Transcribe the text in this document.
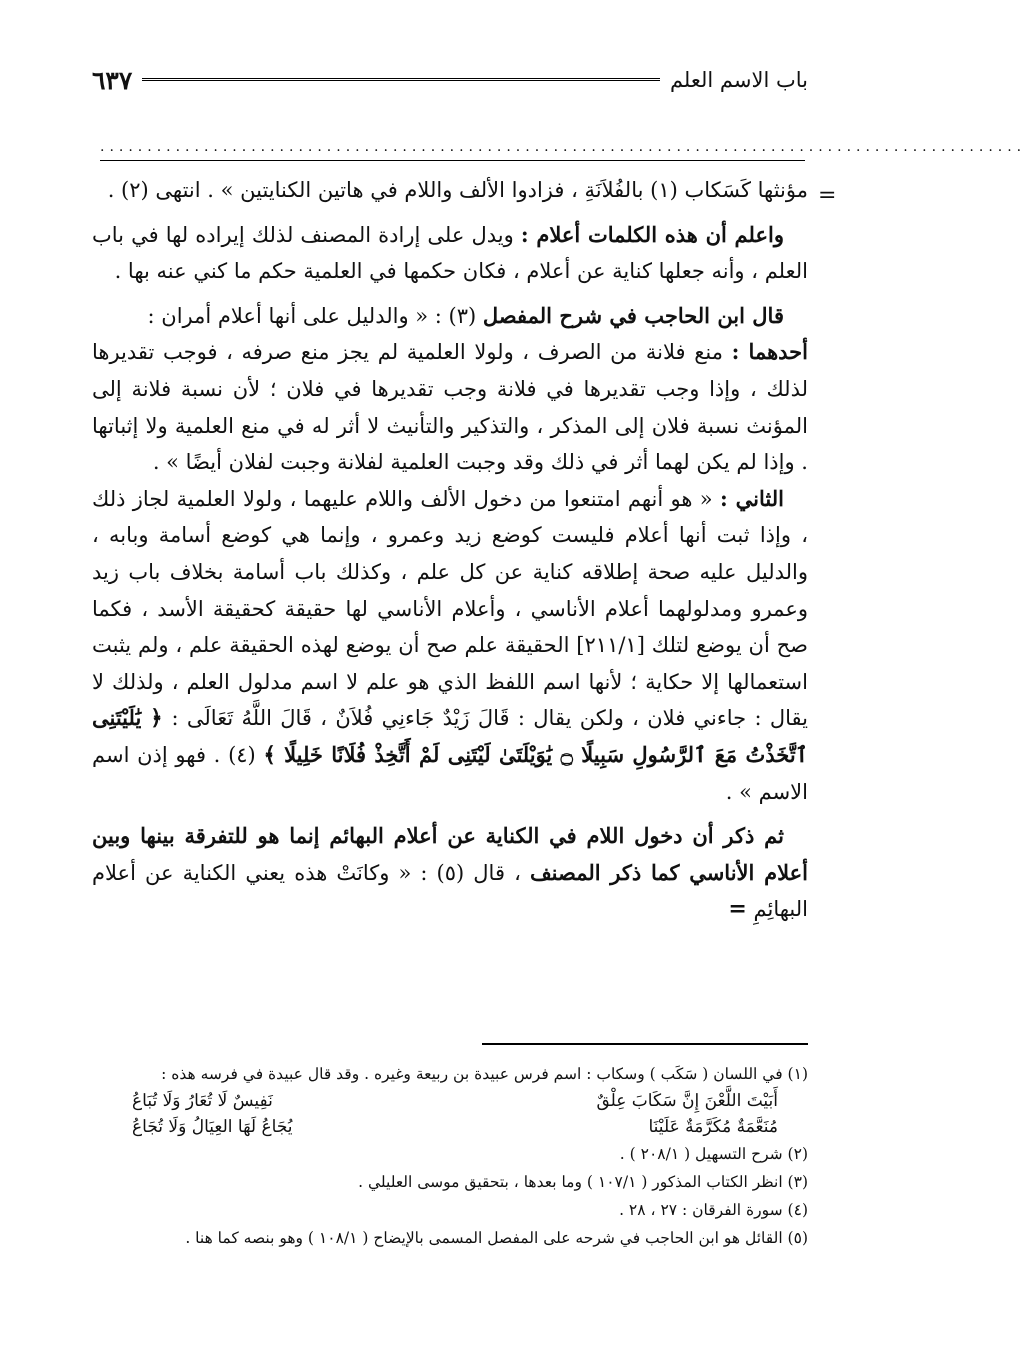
باب الاسم العلم
٦٣٧
..................................................................................................
=

مؤنثها كَسَكاب (١) بالفُلاَنَةِ ، فزادوا الألف واللام في هاتين الكنايتين » . انتهى (٢) .

واعلم أن هذه الكلمات أعلام : ويدل على إرادة المصنف لذلك إيراده لها في باب العلم ، وأنه جعلها كناية عن أعلام ، فكان حكمها في العلمية حكم ما كني عنه بها .

قال ابن الحاجب في شرح المفصل (٣) : « والدليل على أنها أعلام أمران :

أحدهما : منع فلانة من الصرف ، ولولا العلمية لم يجز منع صرفه ، فوجب تقديرها لذلك ، وإذا وجب تقديرها في فلانة وجب تقديرها في فلان ؛ لأن نسبة فلانة إلى المؤنث نسبة فلان إلى المذكر ، والتذكير والتأنيث لا أثر له في منع العلمية ولا إثباتها . وإذا لم يكن لهما أثر في ذلك وقد وجبت العلمية لفلانة وجبت لفلان أيضًا » .

الثاني : « هو أنهم امتنعوا من دخول الألف واللام عليهما ، ولولا العلمية لجاز ذلك ، وإذا ثبت أنها أعلام فليست كوضع زيد وعمرو ، وإنما هي كوضع أسامة وبابه ، والدليل عليه صحة إطلاقه كناية عن كل علم ، وكذلك باب أسامة بخلاف باب زيد وعمرو ومدلولهما أعلام الأناسي ، وأعلام الأناسي لها حقيقة كحقيقة الأسد ، فكما صح أن يوضع لتلك [٢١١/١] الحقيقة علم صح أن يوضع لهذه الحقيقة علم ، ولم يثبت استعمالها إلا حكاية ؛ لأنها اسم اللفظ الذي هو علم لا اسم مدلول العلم ، ولذلك لا يقال : جاءني فلان ، ولكن يقال : قَالَ زَيْدٌ جَاءنِي فُلاَنٌ ، قَالَ اللَّهُ تَعَالَى : ﴿ يَٰلَيْتَنِى ٱتَّخَذْتُ مَعَ ٱلرَّسُولِ سَبِيلًا ۝ يَٰوَيْلَتَىٰ لَيْتَنِى لَمْ أَتَّخِذْ فُلَانًا خَلِيلًا ﴾ (٤) . فهو إذن اسم الاسم » .

ثم ذكر أن دخول اللام في الكناية عن أعلام البهائم إنما هو للتفرقة بينها وبين أعلام الأناسي كما ذكر المصنف ، قال (٥) : « وكانَتْ هذه يعني الكناية عن أعلام البهائِمِ =

(١) في اللسان ( سَكَب ) وسكاب : اسم فرس عبيدة بن ربيعة وغيره . وقد قال عبيدة في فرسه هذه :

أَبَيْتَ اللَّعْنَ إِنَّ سَكَابَ عِلْقٌ
نَفِيسٌ لَا تُعَارُ وَلَا تُبَاعُ
مُنَعَّمَةٌ مُكَرَّمَةٌ عَلَيْنَا
يُجَاعُ لَهَا العِيَالُ وَلَا تُجَاعُ

(٢) شرح التسهيل ( ٢٠٨/١ ) .

(٣) انظر الكتاب المذكور ( ١٠٧/١ ) وما بعدها ، بتحقيق موسى العليلي .

(٤) سورة الفرقان : ٢٧ ، ٢٨ .

(٥) القائل هو ابن الحاجب في شرحه على المفصل المسمى بالإيضاح ( ١٠٨/١ ) وهو بنصه كما هنا .
